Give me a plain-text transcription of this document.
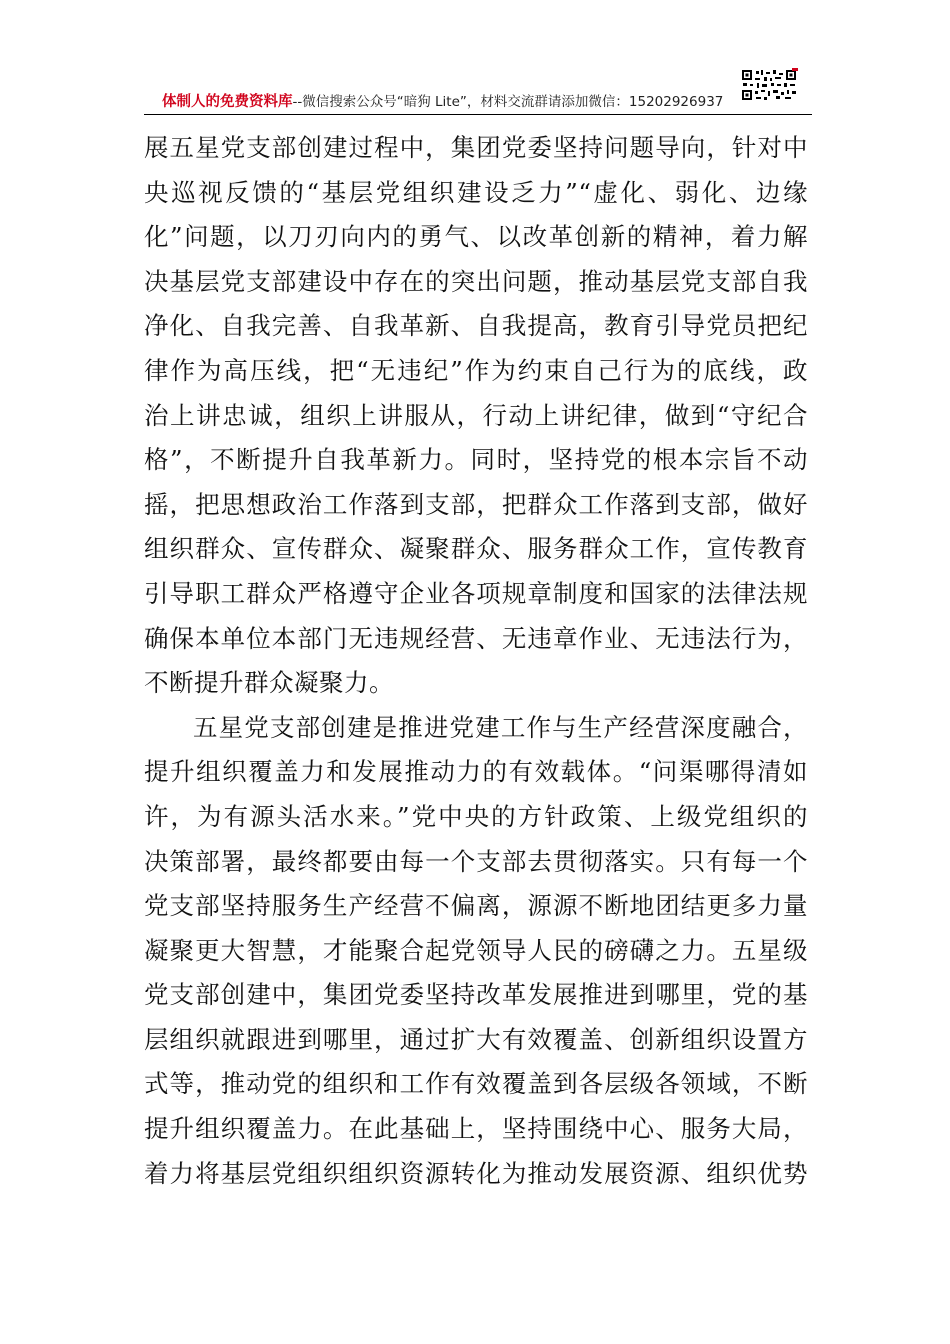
体制人的免费资料库--微信搜索公众号“暗狗 Lite”，材料交流群请添加微信：15202926937
展五星党支部创建过程中，集团党委坚持问题导向，针对中
央巡视反馈的“基层党组织建设乏力”“虚化、弱化、边缘
化”问题，以刀刃向内的勇气、以改革创新的精神，着力解
决基层党支部建设中存在的突出问题，推动基层党支部自我
净化、自我完善、自我革新、自我提高，教育引导党员把纪
律作为高压线，把“无违纪”作为约束自己行为的底线，政
治上讲忠诚，组织上讲服从，行动上讲纪律，做到“守纪合
格”，不断提升自我革新力。同时，坚持党的根本宗旨不动
摇，把思想政治工作落到支部，把群众工作落到支部，做好
组织群众、宣传群众、凝聚群众、服务群众工作，宣传教育
引导职工群众严格遵守企业各项规章制度和国家的法律法规
确保本单位本部门无违规经营、无违章作业、无违法行为，
不断提升群众凝聚力。
五星党支部创建是推进党建工作与生产经营深度融合，
提升组织覆盖力和发展推动力的有效载体。“问渠哪得清如
许，为有源头活水来。”党中央的方针政策、上级党组织的
决策部署，最终都要由每一个支部去贯彻落实。只有每一个
党支部坚持服务生产经营不偏离，源源不断地团结更多力量
凝聚更大智慧，才能聚合起党领导人民的磅礴之力。五星级
党支部创建中，集团党委坚持改革发展推进到哪里，党的基
层组织就跟进到哪里，通过扩大有效覆盖、创新组织设置方
式等，推动党的组织和工作有效覆盖到各层级各领域，不断
提升组织覆盖力。在此基础上，坚持围绕中心、服务大局，
着力将基层党组织组织资源转化为推动发展资源、组织优势
